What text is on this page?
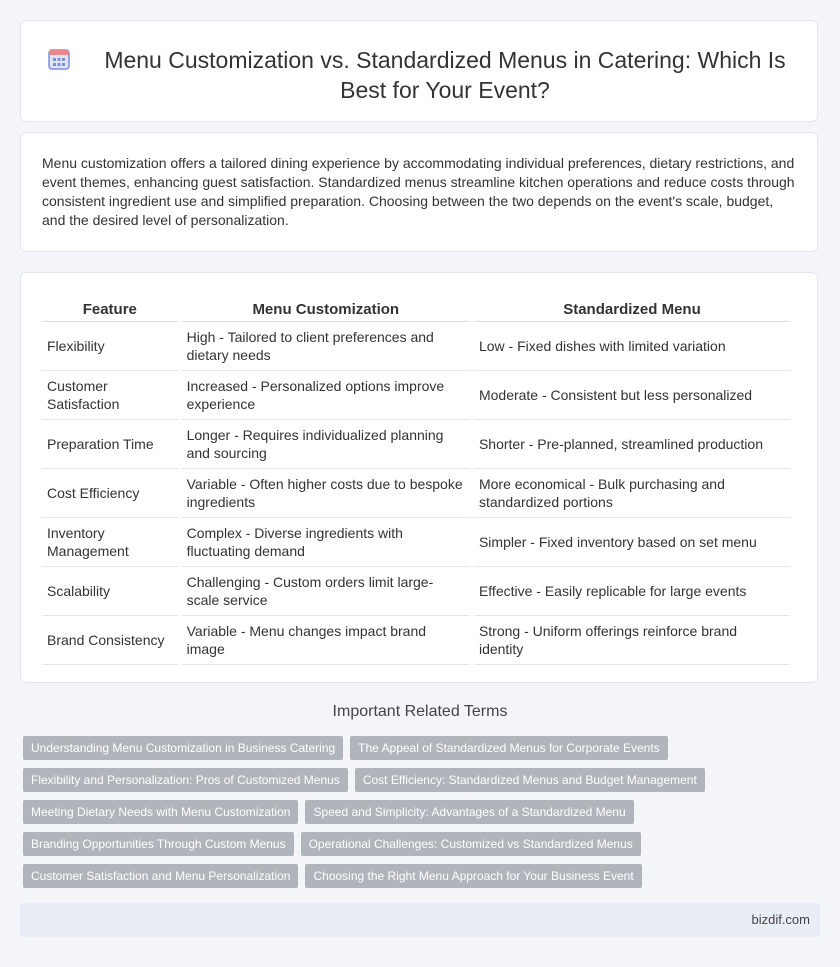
Menu Customization vs. Standardized Menus in Catering: Which Is Best for Your Event?

Menu customization offers a tailored dining experience by accommodating individual preferences, dietary restrictions, and event themes, enhancing guest satisfaction. Standardized menus streamline kitchen operations and reduce costs through consistent ingredient use and simplified preparation. Choosing between the two depends on the event's scale, budget, and the desired level of personalization.

Feature	Menu Customization	Standardized Menu
Flexibility	High - Tailored to client preferences and dietary needs	Low - Fixed dishes with limited variation
Customer Satisfaction	Increased - Personalized options improve experience	Moderate - Consistent but less personalized
Preparation Time	Longer - Requires individualized planning and sourcing	Shorter - Pre-planned, streamlined production
Cost Efficiency	Variable - Often higher costs due to bespoke ingredients	More economical - Bulk purchasing and standardized portions
Inventory Management	Complex - Diverse ingredients with fluctuating demand	Simpler - Fixed inventory based on set menu
Scalability	Challenging - Custom orders limit large-scale service	Effective - Easily replicable for large events
Brand Consistency	Variable - Menu changes impact brand image	Strong - Uniform offerings reinforce brand identity
Important Related Terms
Understanding Menu Customization in Business Catering	The Appeal of Standardized Menus for Corporate Events
Flexibility and Personalization: Pros of Customized Menus	Cost Efficiency: Standardized Menus and Budget Management
Meeting Dietary Needs with Menu Customization	Speed and Simplicity: Advantages of a Standardized Menu
Branding Opportunities Through Custom Menus	Operational Challenges: Customized vs Standardized Menus
Customer Satisfaction and Menu Personalization	Choosing the Right Menu Approach for Your Business Event
bizdif.com
